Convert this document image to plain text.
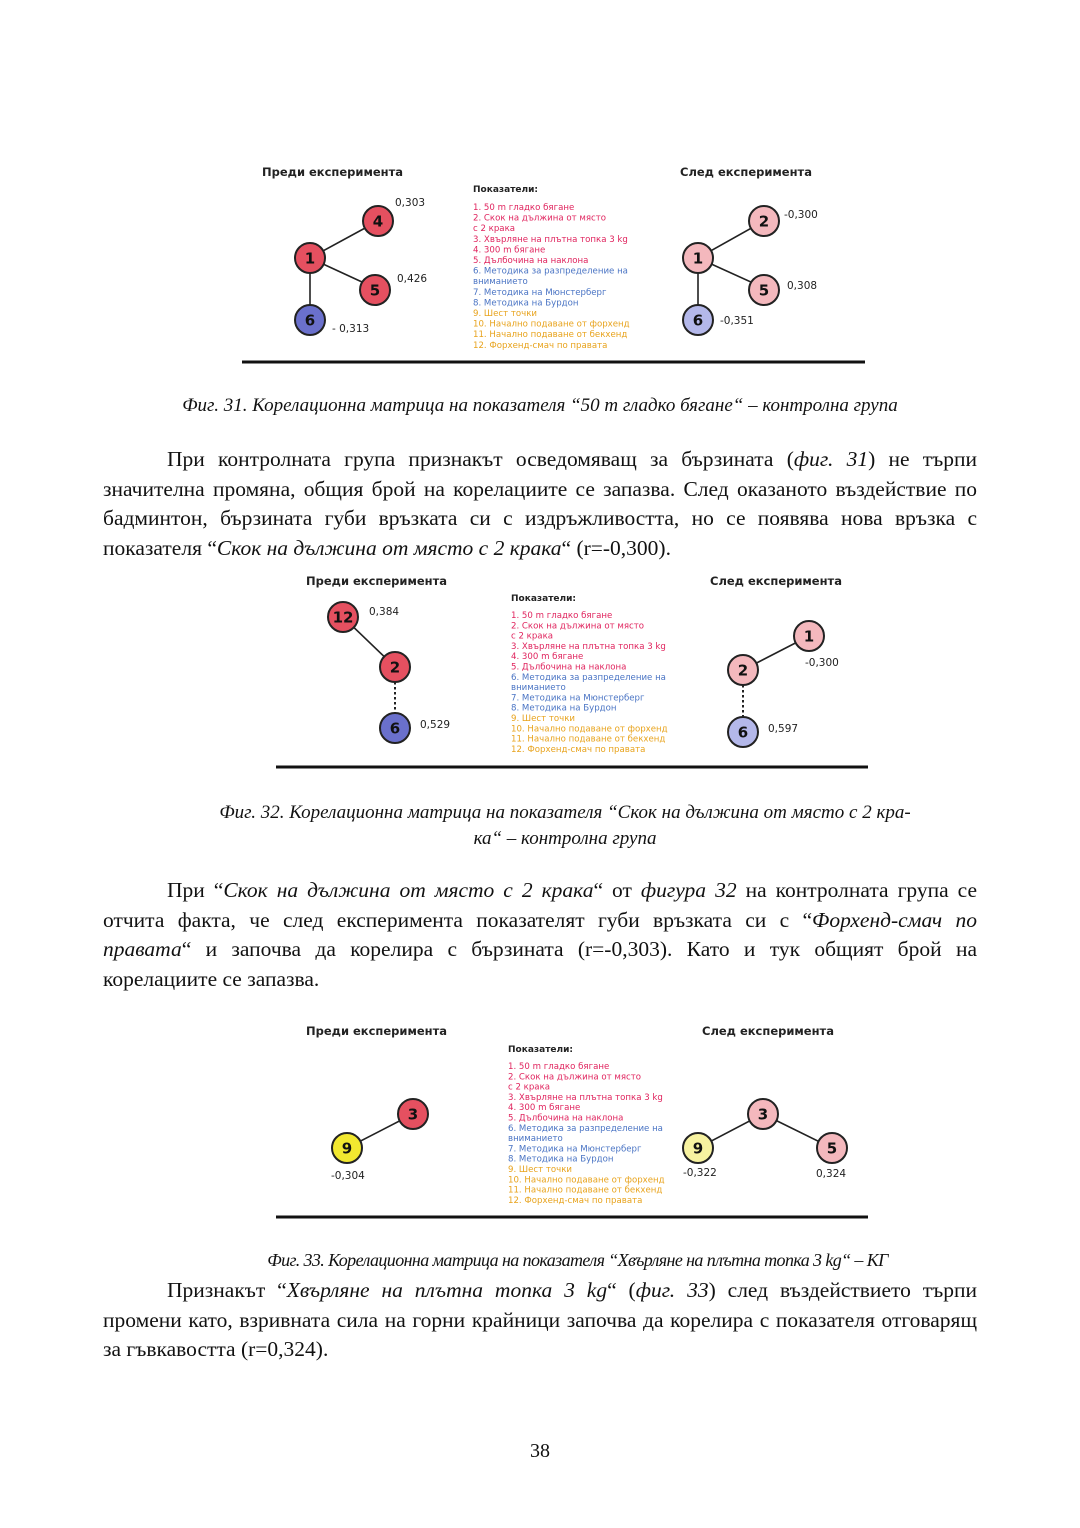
Преди експеримента	След експеримента
1
4
0,303
5
0,426
6 - 0,313
Показатели:
1. 50 m гладко бягане
2. Скок на дължина от място
с 2 крака
3. Хвърляне на плътна топка 3 kg
4. 300 m бягане
5. Дълбочина на наклона
6. Методика за разпределение на
вниманието
7. Методика на Мюнстерберг
8. Методика на Бурдон
9. Шест точки
10. Начално подаване от форхенд
11. Начално подаване от бекхенд
12. Форхенд-смач по правата
1
2 -0,300
5 0,308
6 -0,351
Фиг. 31. Корелационна матрица на показателя “50 m гладко бягане“ – контролна група

При контролната група признакът осведомяващ за бързината (фиг. 31) не търпи значителна промяна, общия брой на корелациите се запазва. След оказаното въздействие по бадминтон, бързината губи връзката си с издръжливостта, но се появява нова връзка с показателя “Скок на дължина от място с 2 крака“ (r=-0,300).

Преди експеримента	След експеримента
12 0,384
2
6 0,529
Показатели:
1. 50 m гладко бягане
2. Скок на дължина от място
с 2 крака
3. Хвърляне на плътна топка 3 kg
4. 300 m бягане
5. Дълбочина на наклона
6. Методика за разпределение на
вниманието
7. Методика на Мюнстерберг
8. Методика на Бурдон
9. Шест точки
10. Начално подаване от форхенд
11. Начално подаване от бекхенд
12. Форхенд-смач по правата
1
-0,300
2
6 0,597
Фиг. 32. Корелационна матрица на показателя “Скок на дължина от място с 2 кра-
ка“ – контролна група

При “Скок на дължина от място с 2 крака“ от фигура 32 на контролната група се отчита факта, че след експеримента показателят губи връзката си с “Форхенд-смач по правата“ и започва да корелира с бързината (r=-0,303). Като и тук общият брой на корелациите се запазва.

Преди експеримента	След експеримента
3
9
-0,304
Показатели:
1. 50 m гладко бягане
2. Скок на дължина от място
с 2 крака
3. Хвърляне на плътна топка 3 kg
4. 300 m бягане
5. Дълбочина на наклона
6. Методика за разпределение на
вниманието
7. Методика на Мюнстерберг
8. Методика на Бурдон
9. Шест точки
10. Начално подаване от форхенд
11. Начално подаване от бекхенд
12. Форхенд-смач по правата
3
9
-0,322
5
0,324
Фиг. 33. Корелационна матрица на показателя “Хвърляне на плътна топка 3 kg“ – КГ

Признакът “Хвърляне на плътна топка 3 kg“ (фиг. 33) след въздействието търпи промени като, взривната сила на горни крайници започва да корелира с показателя отговарящ за гъвкавостта (r=0,324).

38
